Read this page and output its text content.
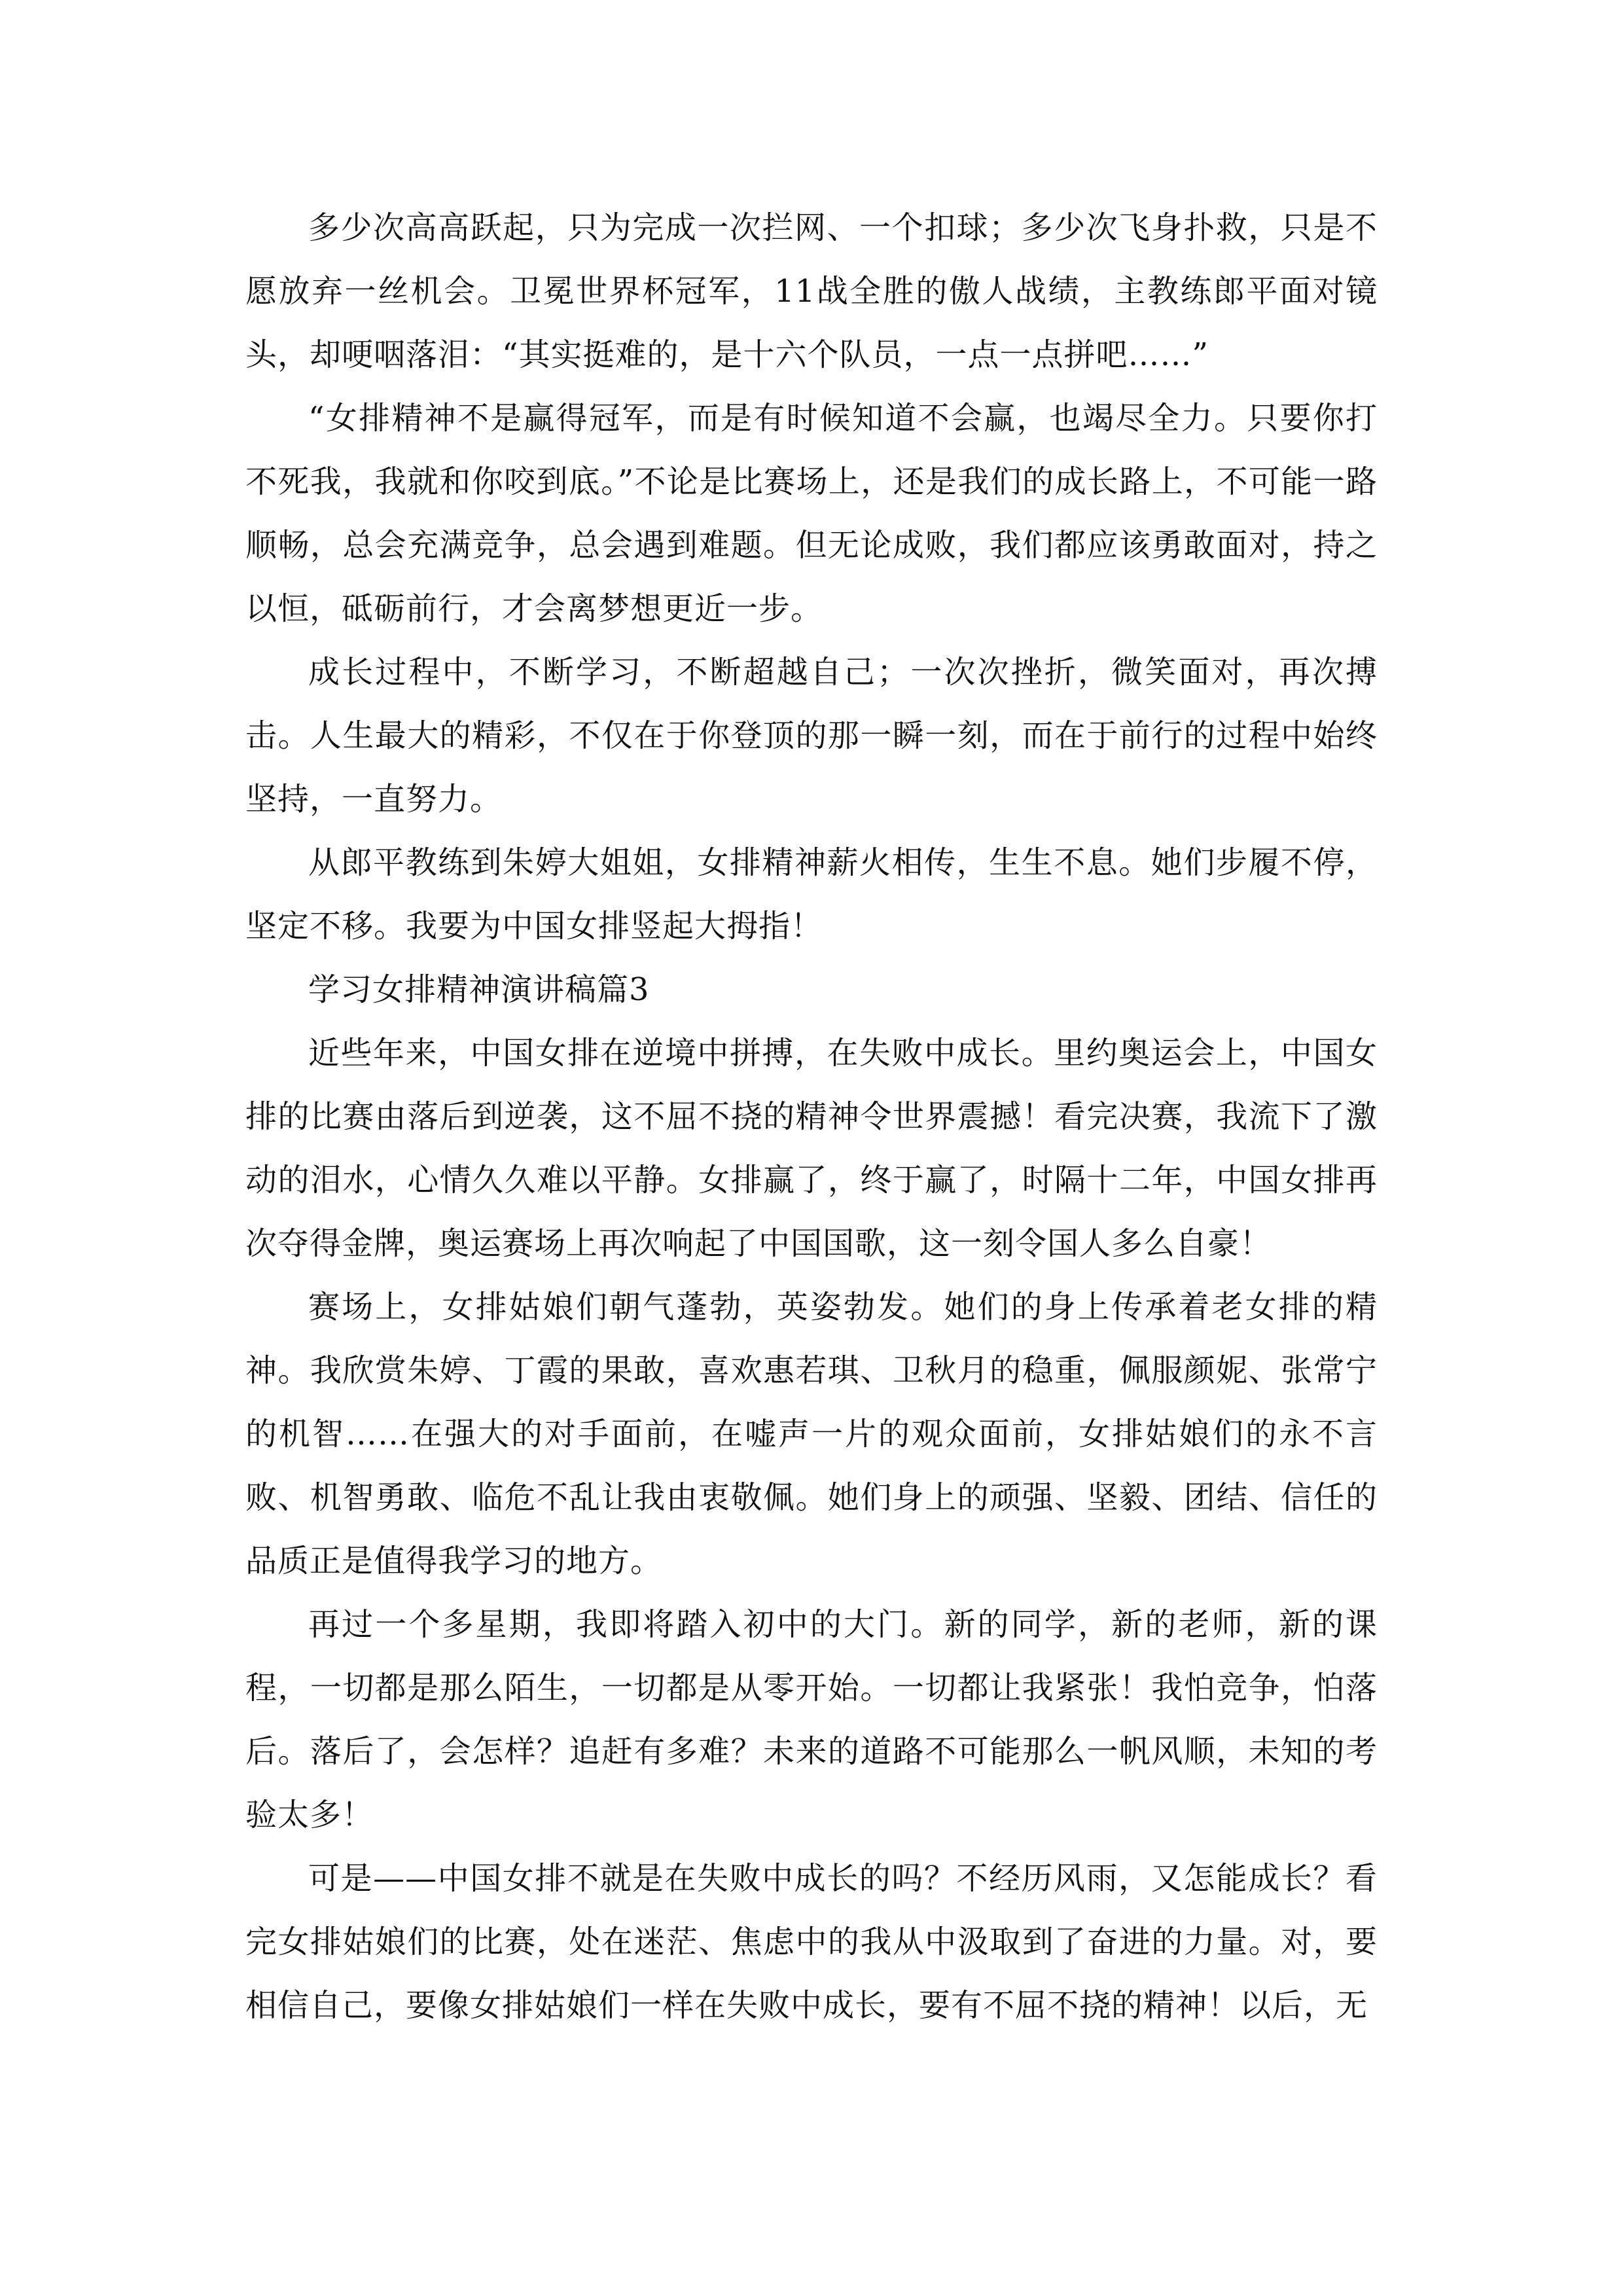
多少次高高跃起，只为完成一次拦网、一个扣球；多少次飞身扑救，只是不愿放弃一丝机会。卫冕世界杯冠军，11战全胜的傲人战绩，主教练郎平面对镜头，却哽咽落泪：“其实挺难的，是十六个队员，一点一点拼吧……”

“女排精神不是赢得冠军，而是有时候知道不会赢，也竭尽全力。只要你打不死我，我就和你咬到底。”不论是比赛场上，还是我们的成长路上，不可能一路顺畅，总会充满竞争，总会遇到难题。但无论成败，我们都应该勇敢面对，持之以恒，砥砺前行，才会离梦想更近一步。

成长过程中，不断学习，不断超越自己；一次次挫折，微笑面对，再次搏击。人生最大的精彩，不仅在于你登顶的那一瞬一刻，而在于前行的过程中始终坚持，一直努力。

从郎平教练到朱婷大姐姐，女排精神薪火相传，生生不息。她们步履不停，坚定不移。我要为中国女排竖起大拇指！

学习女排精神演讲稿篇3

近些年来，中国女排在逆境中拼搏，在失败中成长。里约奥运会上，中国女排的比赛由落后到逆袭，这不屈不挠的精神令世界震撼！看完决赛，我流下了激动的泪水，心情久久难以平静。女排赢了，终于赢了，时隔十二年，中国女排再次夺得金牌，奥运赛场上再次响起了中国国歌，这一刻令国人多么自豪！

赛场上，女排姑娘们朝气蓬勃，英姿勃发。她们的身上传承着老女排的精神。我欣赏朱婷、丁霞的果敢，喜欢惠若琪、卫秋月的稳重，佩服颜妮、张常宁的机智……在强大的对手面前，在嘘声一片的观众面前，女排姑娘们的永不言败、机智勇敢、临危不乱让我由衷敬佩。她们身上的顽强、坚毅、团结、信任的品质正是值得我学习的地方。

再过一个多星期，我即将踏入初中的大门。新的同学，新的老师，新的课程，一切都是那么陌生，一切都是从零开始。一切都让我紧张！我怕竞争，怕落后。落后了，会怎样？追赶有多难？未来的道路不可能那么一帆风顺，未知的考验太多！

可是——中国女排不就是在失败中成长的吗？不经历风雨，又怎能成长？看完女排姑娘们的比赛，处在迷茫、焦虑中的我从中汲取到了奋进的力量。对，要相信自己，要像女排姑娘们一样在失败中成长，要有不屈不挠的精神！以后，无
